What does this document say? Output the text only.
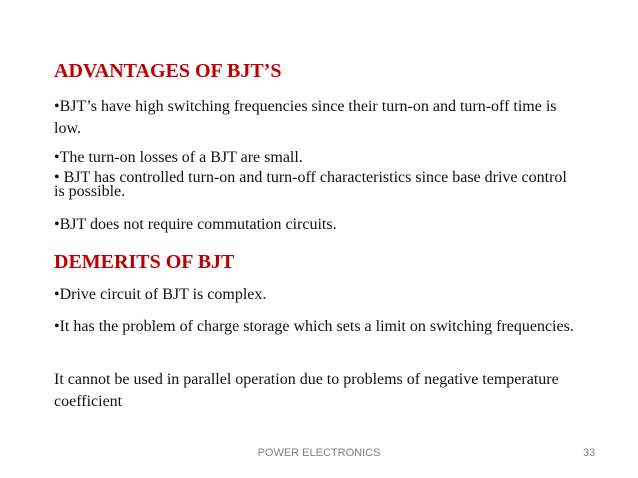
ADVANTAGES OF BJT’S

•BJT’s have high switching frequencies since their turn-on and turn-off time is low.

•The turn-on losses of a BJT are small.

• BJT has controlled turn-on and turn-off characteristics since base drive control is possible.

•BJT does not require commutation circuits.

DEMERITS OF BJT

•Drive circuit of BJT is complex.

•It has the problem of charge storage which sets a limit on switching frequencies.

It cannot be used in parallel operation due to problems of negative temperature coefficient

POWER ELECTRONICS	33
